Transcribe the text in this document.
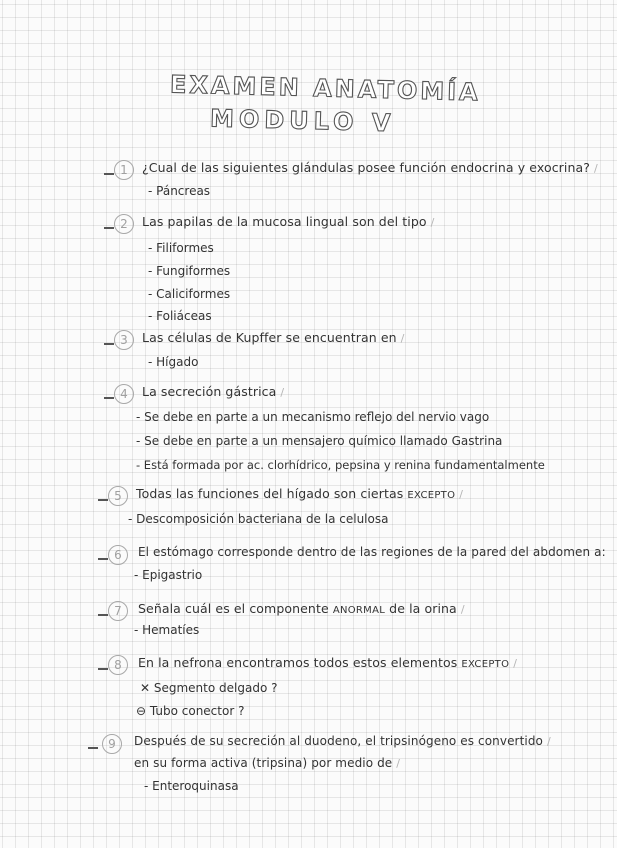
EXAMEN ANATOMÍA
MODULO V
1	¿Cual de las siguientes glándulas posee función endocrina y exocrina? /
- Páncreas
2	Las papilas de la mucosa lingual son del tipo /
- Filiformes
- Fungiformes
- Caliciformes
- Foliáceas
3	Las células de Kupffer se encuentran en /
- Hígado
4	La secreción gástrica /
- Se debe en parte a un mecanismo reflejo del nervio vago
- Se debe en parte a un mensajero químico llamado Gastrina
- Está formada por ac. clorhídrico, pepsina y renina fundamentalmente
5	Todas las funciones del hígado son ciertas EXCEPTO /
- Descomposición bacteriana de la celulosa
6	El estómago corresponde dentro de las regiones de la pared del abdomen a:
- Epigastrio
7	Señala cuál es el componente ANORMAL de la orina /
- Hematíes
8	En la nefrona encontramos todos estos elementos EXCEPTO /
✕ Segmento delgado ?
⊖ Tubo conector ?
9	Después de su secreción al duodeno, el tripsinógeno es convertido /
en su forma activa (tripsina) por medio de /
- Enteroquinasa
